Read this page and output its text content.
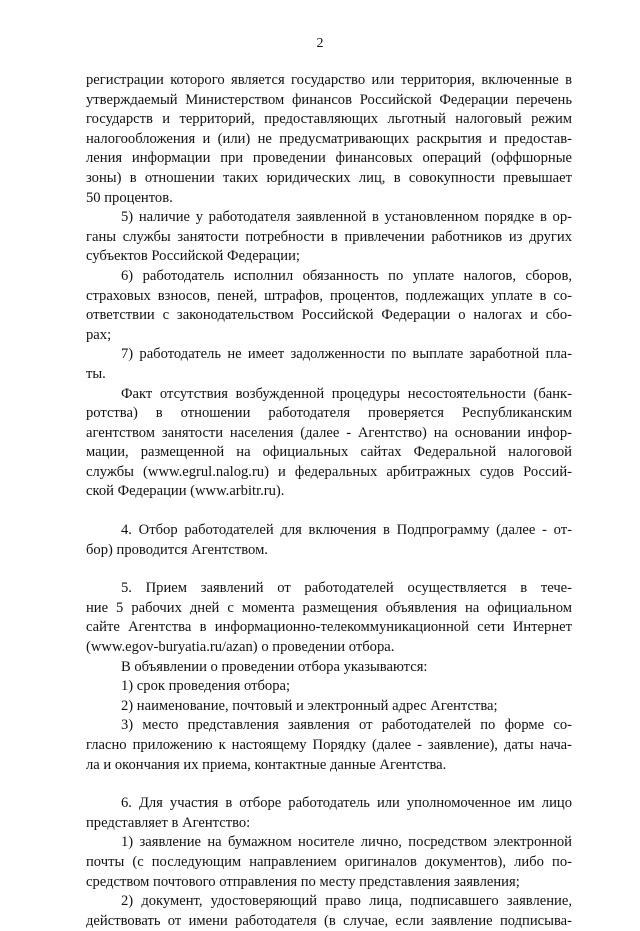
2
регистрации которого является государство или территория, включенные в
утверждаемый Министерством финансов Российской Федерации перечень
государств и территорий, предоставляющих льготный налоговый режим
налогообложения и (или) не предусматривающих раскрытия и предостав-
ления информации при проведении финансовых операций (оффшорные
зоны) в отношении таких юридических лиц, в совокупности превышает
50 процентов.
5) наличие у работодателя заявленной в установленном порядке в ор-
ганы службы занятости потребности в привлечении работников из других
субъектов Российской Федерации;
6) работодатель исполнил обязанность по уплате налогов, сборов,
страховых взносов, пеней, штрафов, процентов, подлежащих уплате в со-
ответствии с законодательством Российской Федерации о налогах и сбо-
рах;
7) работодатель не имеет задолженности по выплате заработной пла-
ты.
Факт отсутствия возбужденной процедуры несостоятельности (банк-
ротства) в отношении работодателя проверяется Республиканским
агентством занятости населения (далее - Агентство) на основании инфор-
мации, размещенной на официальных сайтах Федеральной налоговой
службы (www.egrul.nalog.ru) и федеральных арбитражных судов Россий-
ской Федерации (www.arbitr.ru).
4. Отбор работодателей для включения в Подпрограмму (далее - от-
бор) проводится Агентством.
5. Прием заявлений от работодателей осуществляется в тече-
ние 5 рабочих дней с момента размещения объявления на официальном
сайте Агентства в информационно-телекоммуникационной сети Интернет
(www.egov-buryatia.ru/azan) о проведении отбора.
В объявлении о проведении отбора указываются:
1) срок проведения отбора;
2) наименование, почтовый и электронный адрес Агентства;
3) место представления заявления от работодателей по форме со-
гласно приложению к настоящему Порядку (далее - заявление), даты нача-
ла и окончания их приема, контактные данные Агентства.
6. Для участия в отборе работодатель или уполномоченное им лицо
представляет в Агентство:
1) заявление на бумажном носителе лично, посредством электронной
почты (с последующим направлением оригиналов документов), либо по-
средством почтового отправления по месту представления заявления;
2) документ, удостоверяющий право лица, подписавшего заявление,
действовать от имени работодателя (в случае, если заявление подписыва-
